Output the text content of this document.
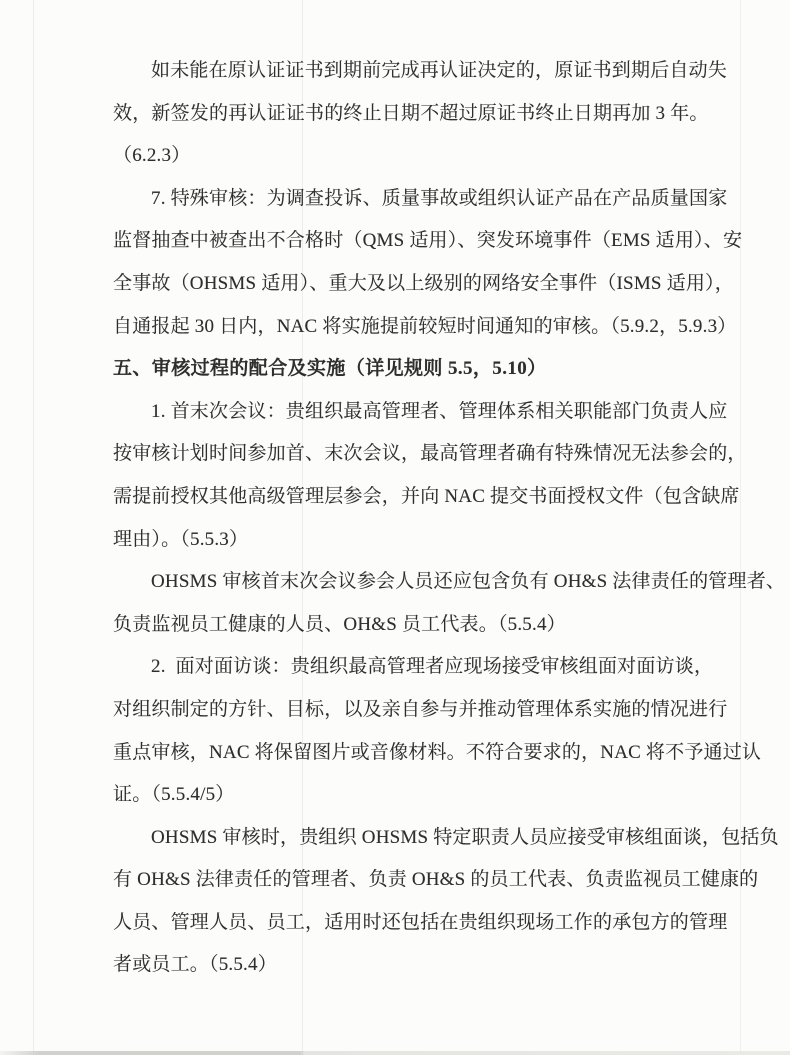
如未能在原认证证书到期前完成再认证决定的，原证书到期后自动失
效，新签发的再认证证书的终止日期不超过原证书终止日期再加 3 年。
（6.2.3）
7. 特殊审核：为调查投诉、质量事故或组织认证产品在产品质量国家
监督抽查中被查出不合格时（QMS 适用）、突发环境事件（EMS 适用）、安
全事故（OHSMS 适用）、重大及以上级别的网络安全事件（ISMS 适用），
自通报起 30 日内，NAC 将实施提前较短时间通知的审核。（5.9.2，5.9.3）
五、审核过程的配合及实施（详见规则 5.5，5.10）
1. 首末次会议：贵组织最高管理者、管理体系相关职能部门负责人应
按审核计划时间参加首、末次会议，最高管理者确有特殊情况无法参会的，
需提前授权其他高级管理层参会，并向 NAC 提交书面授权文件（包含缺席
理由）。（5.5.3）
OHSMS 审核首末次会议参会人员还应包含负有 OH&S 法律责任的管理者、
负责监视员工健康的人员、OH&S 员工代表。（5.5.4）
2.  面对面访谈：贵组织最高管理者应现场接受审核组面对面访谈，
对组织制定的方针、目标，以及亲自参与并推动管理体系实施的情况进行
重点审核，NAC 将保留图片或音像材料。不符合要求的，NAC 将不予通过认
证。（5.5.4/5）
OHSMS 审核时，贵组织 OHSMS 特定职责人员应接受审核组面谈，包括负
有 OH&S 法律责任的管理者、负责 OH&S 的员工代表、负责监视员工健康的
人员、管理人员、员工，适用时还包括在贵组织现场工作的承包方的管理
者或员工。（5.5.4）
